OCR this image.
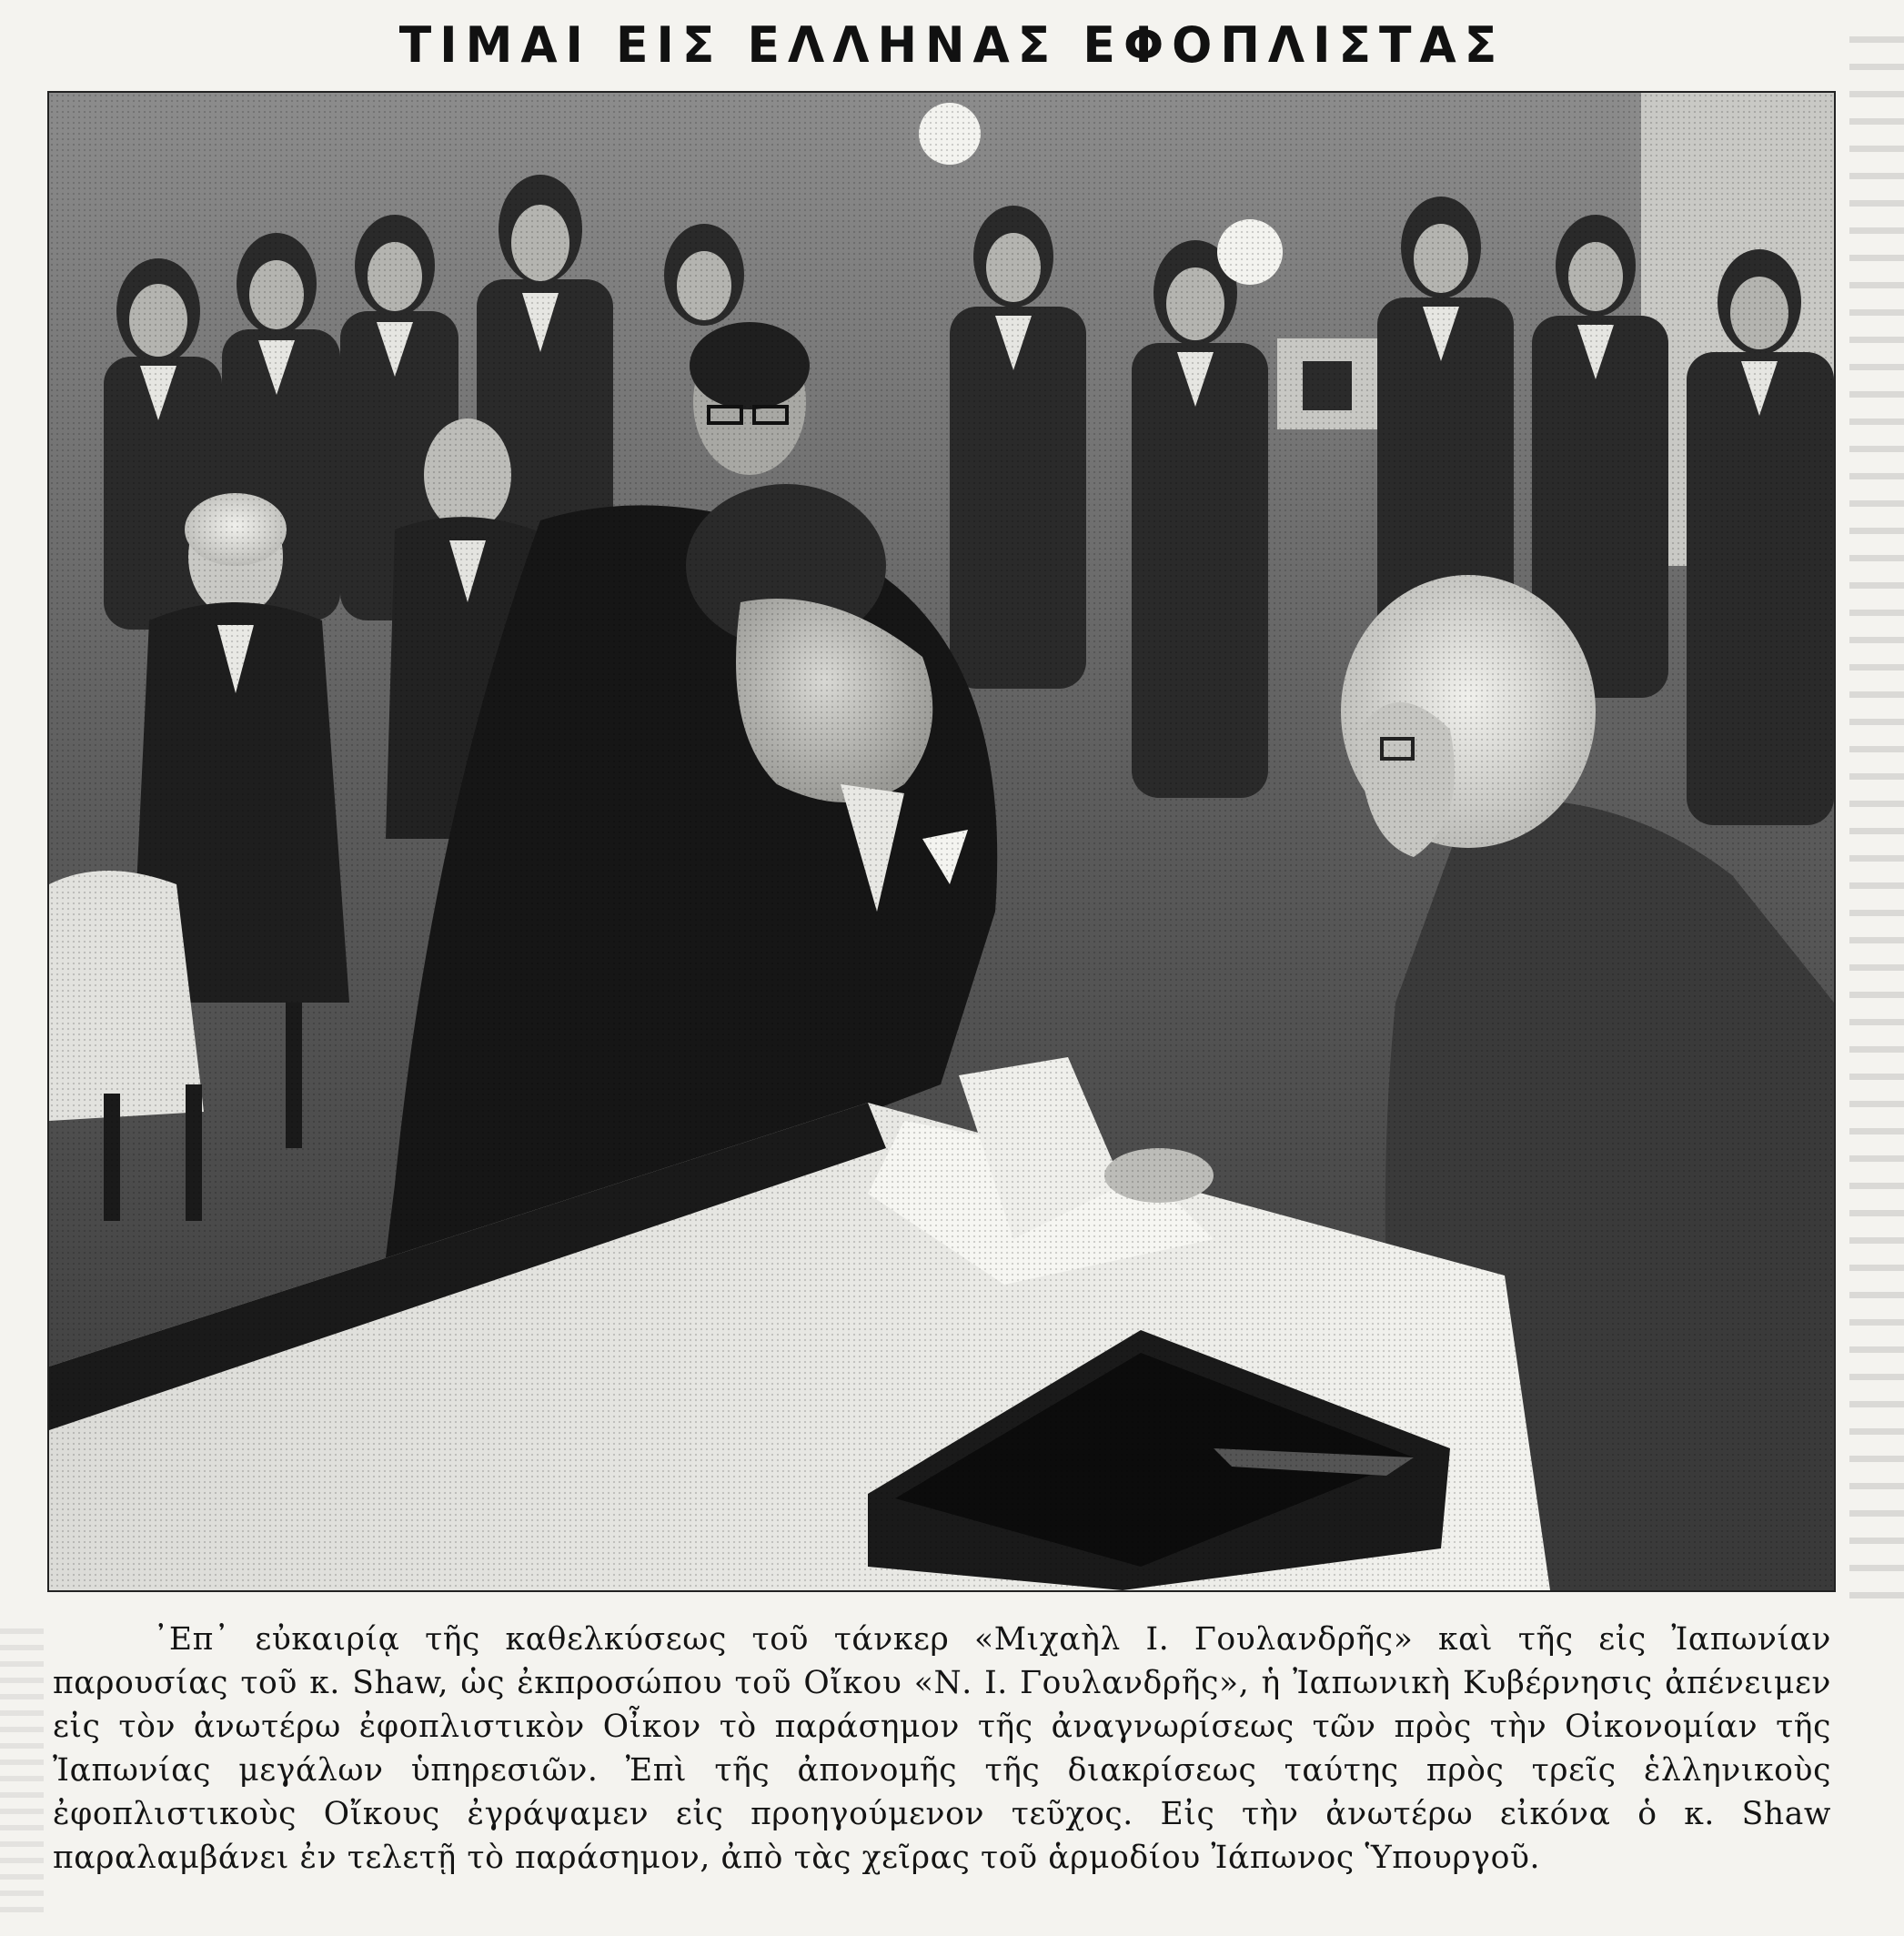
ΤΙΜΑΙ ΕΙΣ ΕΛΛΗΝΑΣ ΕΦΟΠΛΙΣΤΑΣ

᾿Επ᾿ εὐκαιρίᾳ τῆς καθελκύσεως τοῦ τάνκερ «Μιχαὴλ Ι. Γουλανδρῆς» καὶ τῆς εἰς Ἰαπωνίαν παρουσίας τοῦ κ. Shaw, ὡς ἐκπροσώπου τοῦ Οἴκου «Ν. Ι. Γουλανδρῆς», ἡ Ἰαπωνικὴ Κυβέρνησις ἀπένειμεν εἰς τὸν ἀνωτέρω ἐφοπλιστικὸν Οἶκον τὸ παράσημον τῆς ἀναγνωρίσεως τῶν πρὸς τὴν Οἰκονομίαν τῆς Ἰαπωνίας μεγάλων ὑπηρεσιῶν. Ἐπὶ τῆς ἀπονομῆς τῆς διακρίσεως ταύτης πρὸς τρεῖς ἑλληνικοὺς ἐφοπλιστικοὺς Οἴκους ἐγράψαμεν εἰς προηγούμενον τεῦχος. Εἰς τὴν ἀνωτέρω εἰκόνα ὁ κ. Shaw παραλαμβάνει ἐν τελετῇ τὸ παράσημον, ἀπὸ τὰς χεῖρας τοῦ ἁρμοδίου Ἰάπωνος Ὑπουργοῦ.
